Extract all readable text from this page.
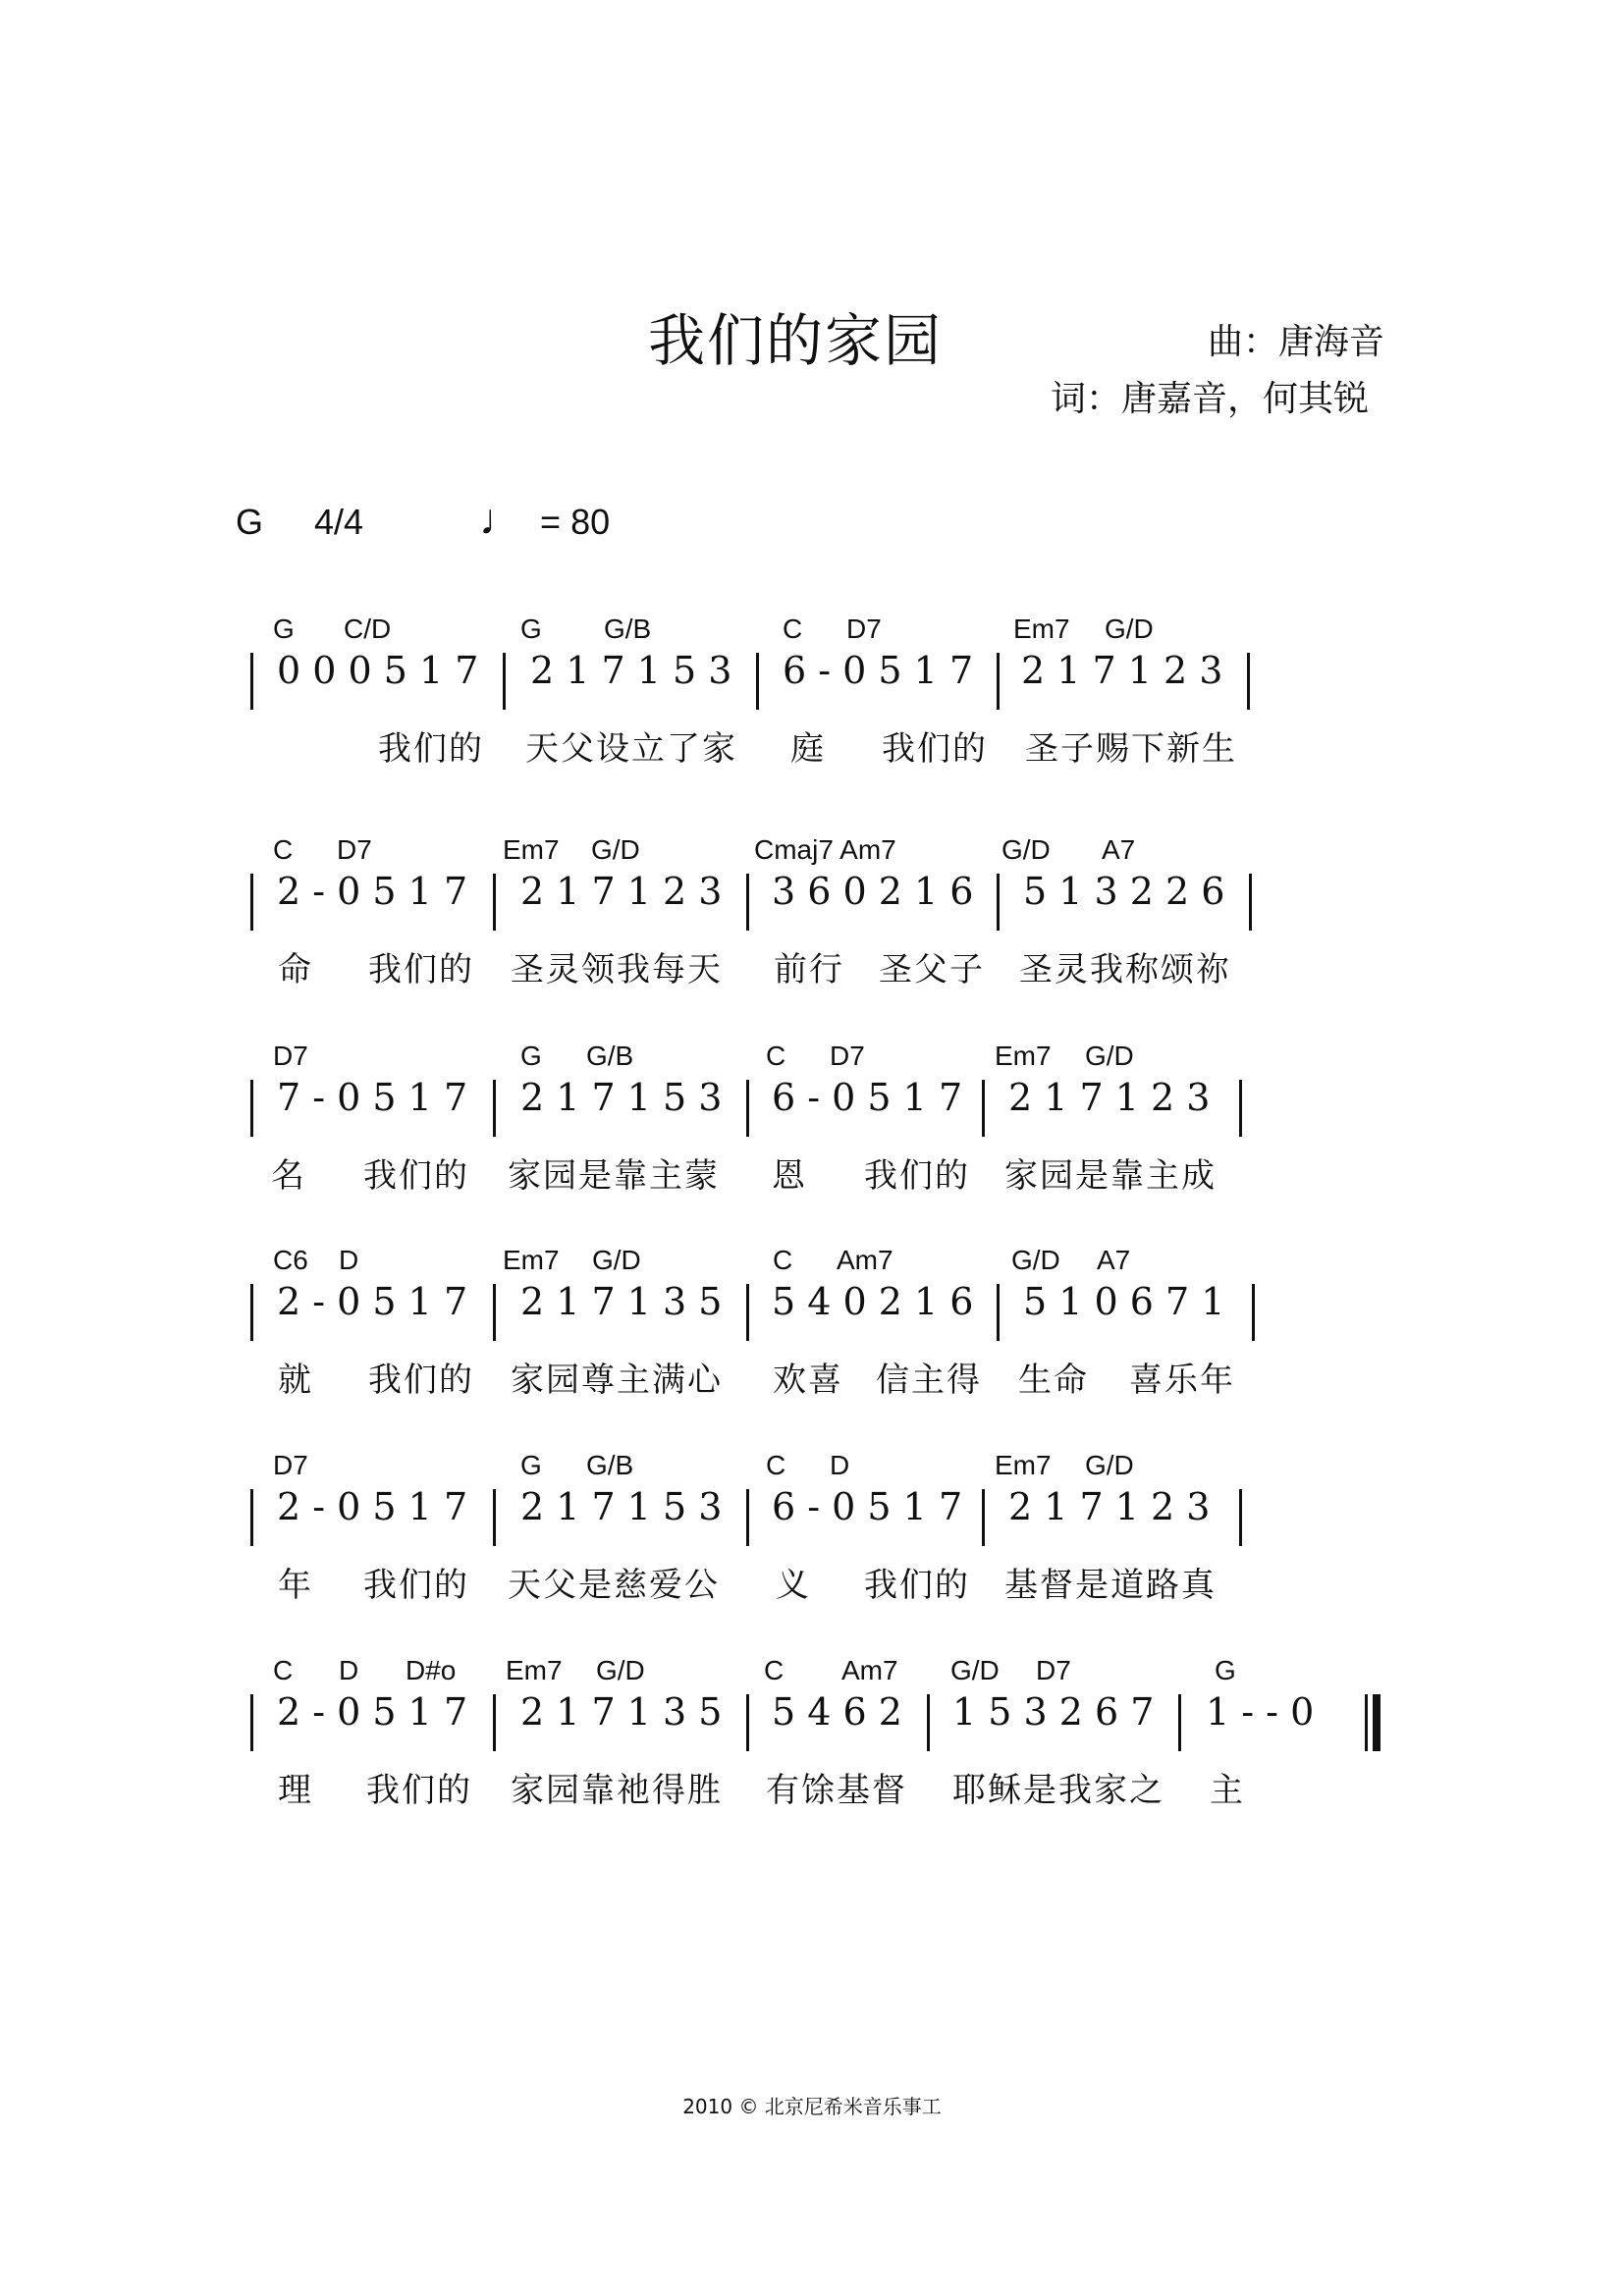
我们的家园	曲：唐海音
词：唐嘉音，何其锐
G 4/4	♩ = 80
G C/D	G G/B	C D7	Em7 G/D
0 0 0 5 1 7 2 1 7 1 5 3 6 - 0 5 1 7 2 1 7 1 2 3
我们的 天父设立了家 庭 我们的 圣子赐下新生
C D7	Em7 G/D	Cmaj7 Am7	G/D A7
2 - 0 5 1 7 2 1 7 1 2 3 3 6 0 2 1 6 5 1 3 2 2 6
命 我们的 圣灵领我每天 前行 圣父子 圣灵我称颂祢
D7	G G/B	C D7	Em7 G/D
7 - 0 5 1 7 2 1 7 1 5 3 6 - 0 5 1 7 2 1 7 1 2 3
名 我们的 家园是靠主蒙 恩 我们的 家园是靠主成
C6 D	Em7 G/D	C Am7	G/D A7
2 - 0 5 1 7 2 1 7 1 3 5 5 4 0 2 1 6 5 1 0 6 7 1
就 我们的 家园尊主满心 欢喜 信主得 生命 喜乐年
D7	G G/B	C D	Em7 G/D
2 - 0 5 1 7 2 1 7 1 5 3 6 - 0 5 1 7 2 1 7 1 2 3
年 我们的 天父是慈爱公 义 我们的 基督是道路真
C D D#o Em7 G/D	C Am7 G/D D7	G
2 - 0 5 1 7 2 1 7 1 3 5 5 4 6 2 1 5 3 2 6 7 1 - - 0
理 我们的 家园靠祂得胜 有馀基督 耶稣是我家之 主
2010 © 北京尼希米音乐事工
